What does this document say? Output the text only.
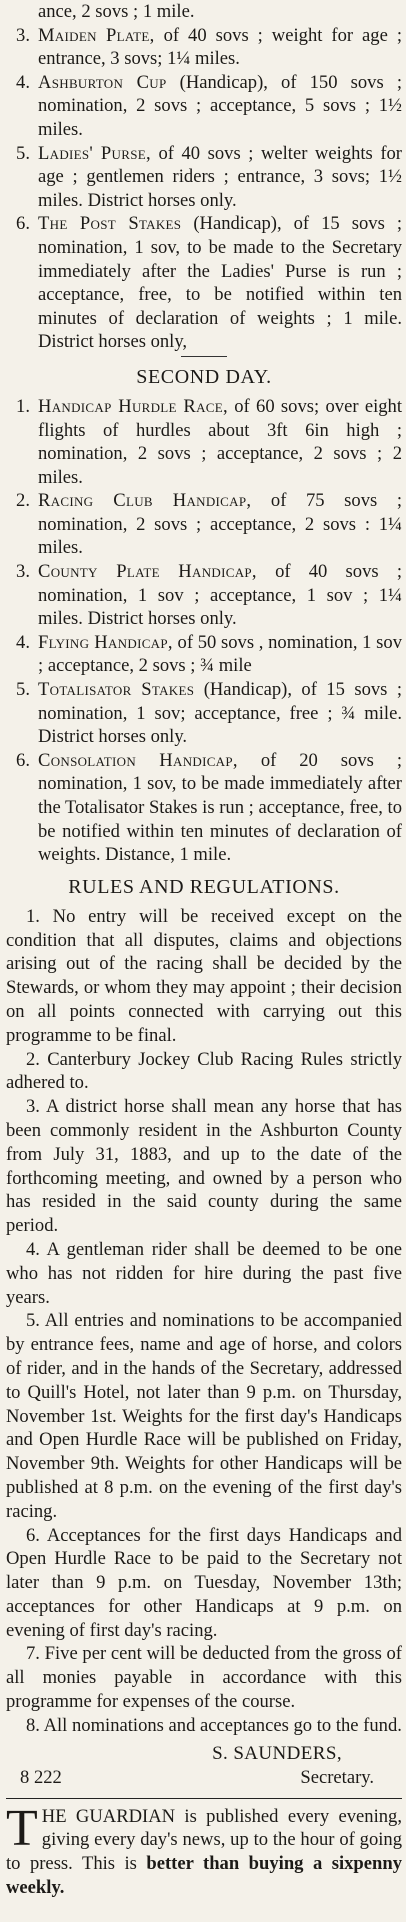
ance, 2 sovs ; 1 mile.

3. Maiden Plate, of 40 sovs ; weight for age ; entrance, 3 sovs; 1¼ miles.

4. Ashburton Cup (Handicap), of 150 sovs ; nomination, 2 sovs ; acceptance, 5 sovs ; 1½ miles.

5. Ladies' Purse, of 40 sovs ; welter weights for age ; gentlemen riders ; entrance, 3 sovs; 1½ miles. District horses only.

6. The Post Stakes (Handicap), of 15 sovs ; nomination, 1 sov, to be made to the Secretary immediately after the Ladies' Purse is run ; acceptance, free, to be notified within ten minutes of declaration of weights ; 1 mile. District horses only,

SECOND DAY.

1. Handicap Hurdle Race, of 60 sovs; over eight flights of hurdles about 3ft 6in high ; nomination, 2 sovs ; acceptance, 2 sovs ; 2 miles.

2. Racing Club Handicap, of 75 sovs ; nomination, 2 sovs ; acceptance, 2 sovs : 1¼ miles.

3. County Plate Handicap, of 40 sovs ; nomination, 1 sov ; acceptance, 1 sov ; 1¼ miles. District horses only.

4. Flying Handicap, of 50 sovs , nomination, 1 sov ; acceptance, 2 sovs ; ¾ mile

5. Totalisator Stakes (Handicap), of 15 sovs ; nomination, 1 sov; acceptance, free ; ¾ mile. District horses only.

6. Consolation Handicap, of 20 sovs ; nomination, 1 sov, to be made immediately after the Totalisator Stakes is run ; acceptance, free, to be notified within ten minutes of declaration of weights. Distance, 1 mile.

RULES AND REGULATIONS.

1. No entry will be received except on the condition that all disputes, claims and objections arising out of the racing shall be decided by the Stewards, or whom they may appoint ; their decision on all points connected with carrying out this programme to be final.

2. Canterbury Jockey Club Racing Rules strictly adhered to.

3. A district horse shall mean any horse that has been commonly resident in the Ashburton County from July 31, 1883, and up to the date of the forthcoming meeting, and owned by a person who has resided in the said county during the same period.

4. A gentleman rider shall be deemed to be one who has not ridden for hire during the past five years.

5. All entries and nominations to be accompanied by entrance fees, name and age of horse, and colors of rider, and in the hands of the Secretary, addressed to Quill's Hotel, not later than 9 p.m. on Thursday, November 1st. Weights for the first day's Handicaps and Open Hurdle Race will be published on Friday, November 9th. Weights for other Handicaps will be published at 8 p.m. on the evening of the first day's racing.

6. Acceptances for the first days Handicaps and Open Hurdle Race to be paid to the Secretary not later than 9 p.m. on Tuesday, November 13th; acceptances for other Handicaps at 9 p.m. on evening of first day's racing.

7. Five per cent will be deducted from the gross of all monies payable in accordance with this programme for expenses of the course.

8. All nominations and acceptances go to the fund.

S. SAUNDERS,
8 222	Secretary.
THE GUARDIAN is published every evening, giving every day's news, up to the hour of going to press. This is better than buying a sixpenny weekly.
